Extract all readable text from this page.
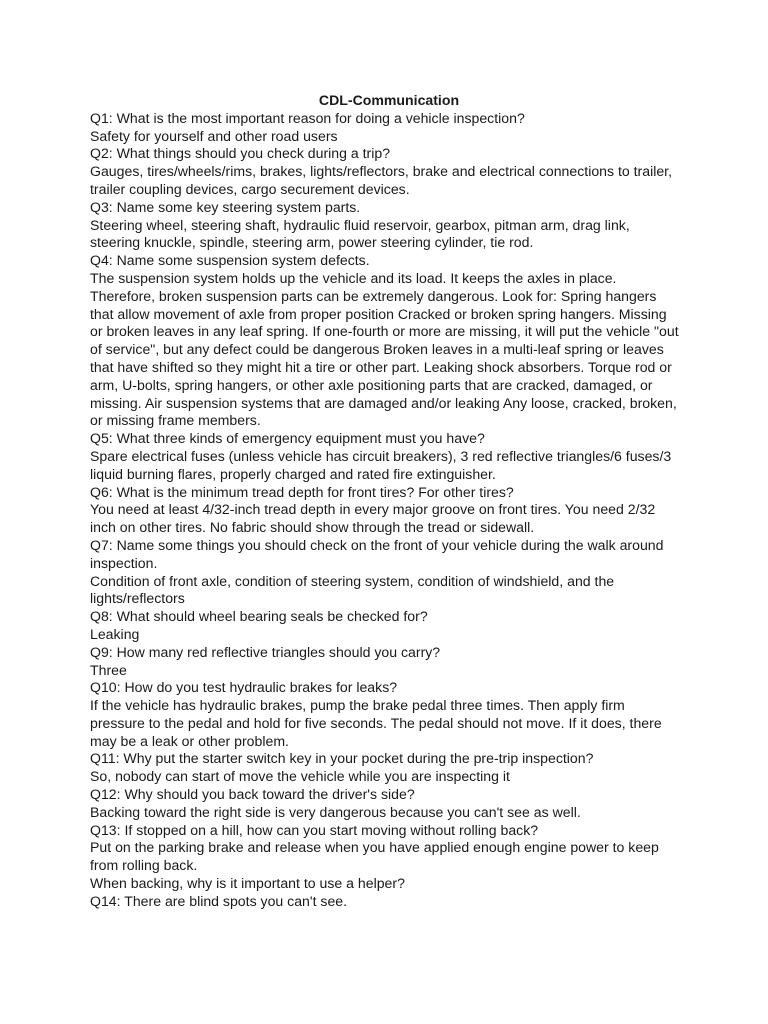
CDL-Communication

Q1: What is the most important reason for doing a vehicle inspection?

Safety for yourself and other road users

Q2: What things should you check during a trip?

Gauges, tires/wheels/rims, brakes, lights/reflectors, brake and electrical connections to trailer, trailer coupling devices, cargo securement devices.

Q3: Name some key steering system parts.

Steering wheel, steering shaft, hydraulic fluid reservoir, gearbox, pitman arm, drag link, steering knuckle, spindle, steering arm, power steering cylinder, tie rod.

Q4: Name some suspension system defects.

The suspension system holds up the vehicle and its load. It keeps the axles in place. Therefore, broken suspension parts can be extremely dangerous. Look for: Spring hangers that allow movement of axle from proper position Cracked or broken spring hangers. Missing or broken leaves in any leaf spring. If one-fourth or more are missing, it will put the vehicle "out of service", but any defect could be dangerous Broken leaves in a multi-leaf spring or leaves that have shifted so they might hit a tire or other part. Leaking shock absorbers. Torque rod or arm, U-bolts, spring hangers, or other axle positioning parts that are cracked, damaged, or missing. Air suspension systems that are damaged and/or leaking Any loose, cracked, broken, or missing frame members.

Q5: What three kinds of emergency equipment must you have?

Spare electrical fuses (unless vehicle has circuit breakers), 3 red reflective triangles/6 fuses/3 liquid burning flares, properly charged and rated fire extinguisher.

Q6: What is the minimum tread depth for front tires? For other tires?

You need at least 4/32-inch tread depth in every major groove on front tires. You need 2/32 inch on other tires. No fabric should show through the tread or sidewall.

Q7: Name some things you should check on the front of your vehicle during the walk around inspection.

Condition of front axle, condition of steering system, condition of windshield, and the lights/reflectors

Q8: What should wheel bearing seals be checked for?

Leaking

Q9: How many red reflective triangles should you carry?

Three

Q10: How do you test hydraulic brakes for leaks?

If the vehicle has hydraulic brakes, pump the brake pedal three times. Then apply firm pressure to the pedal and hold for five seconds. The pedal should not move. If it does, there may be a leak or other problem.

Q11: Why put the starter switch key in your pocket during the pre-trip inspection?

So, nobody can start of move the vehicle while you are inspecting it

Q12: Why should you back toward the driver's side?

Backing toward the right side is very dangerous because you can't see as well.

Q13: If stopped on a hill, how can you start moving without rolling back?

Put on the parking brake and release when you have applied enough engine power to keep from rolling back.

When backing, why is it important to use a helper?

Q14: There are blind spots you can't see.
